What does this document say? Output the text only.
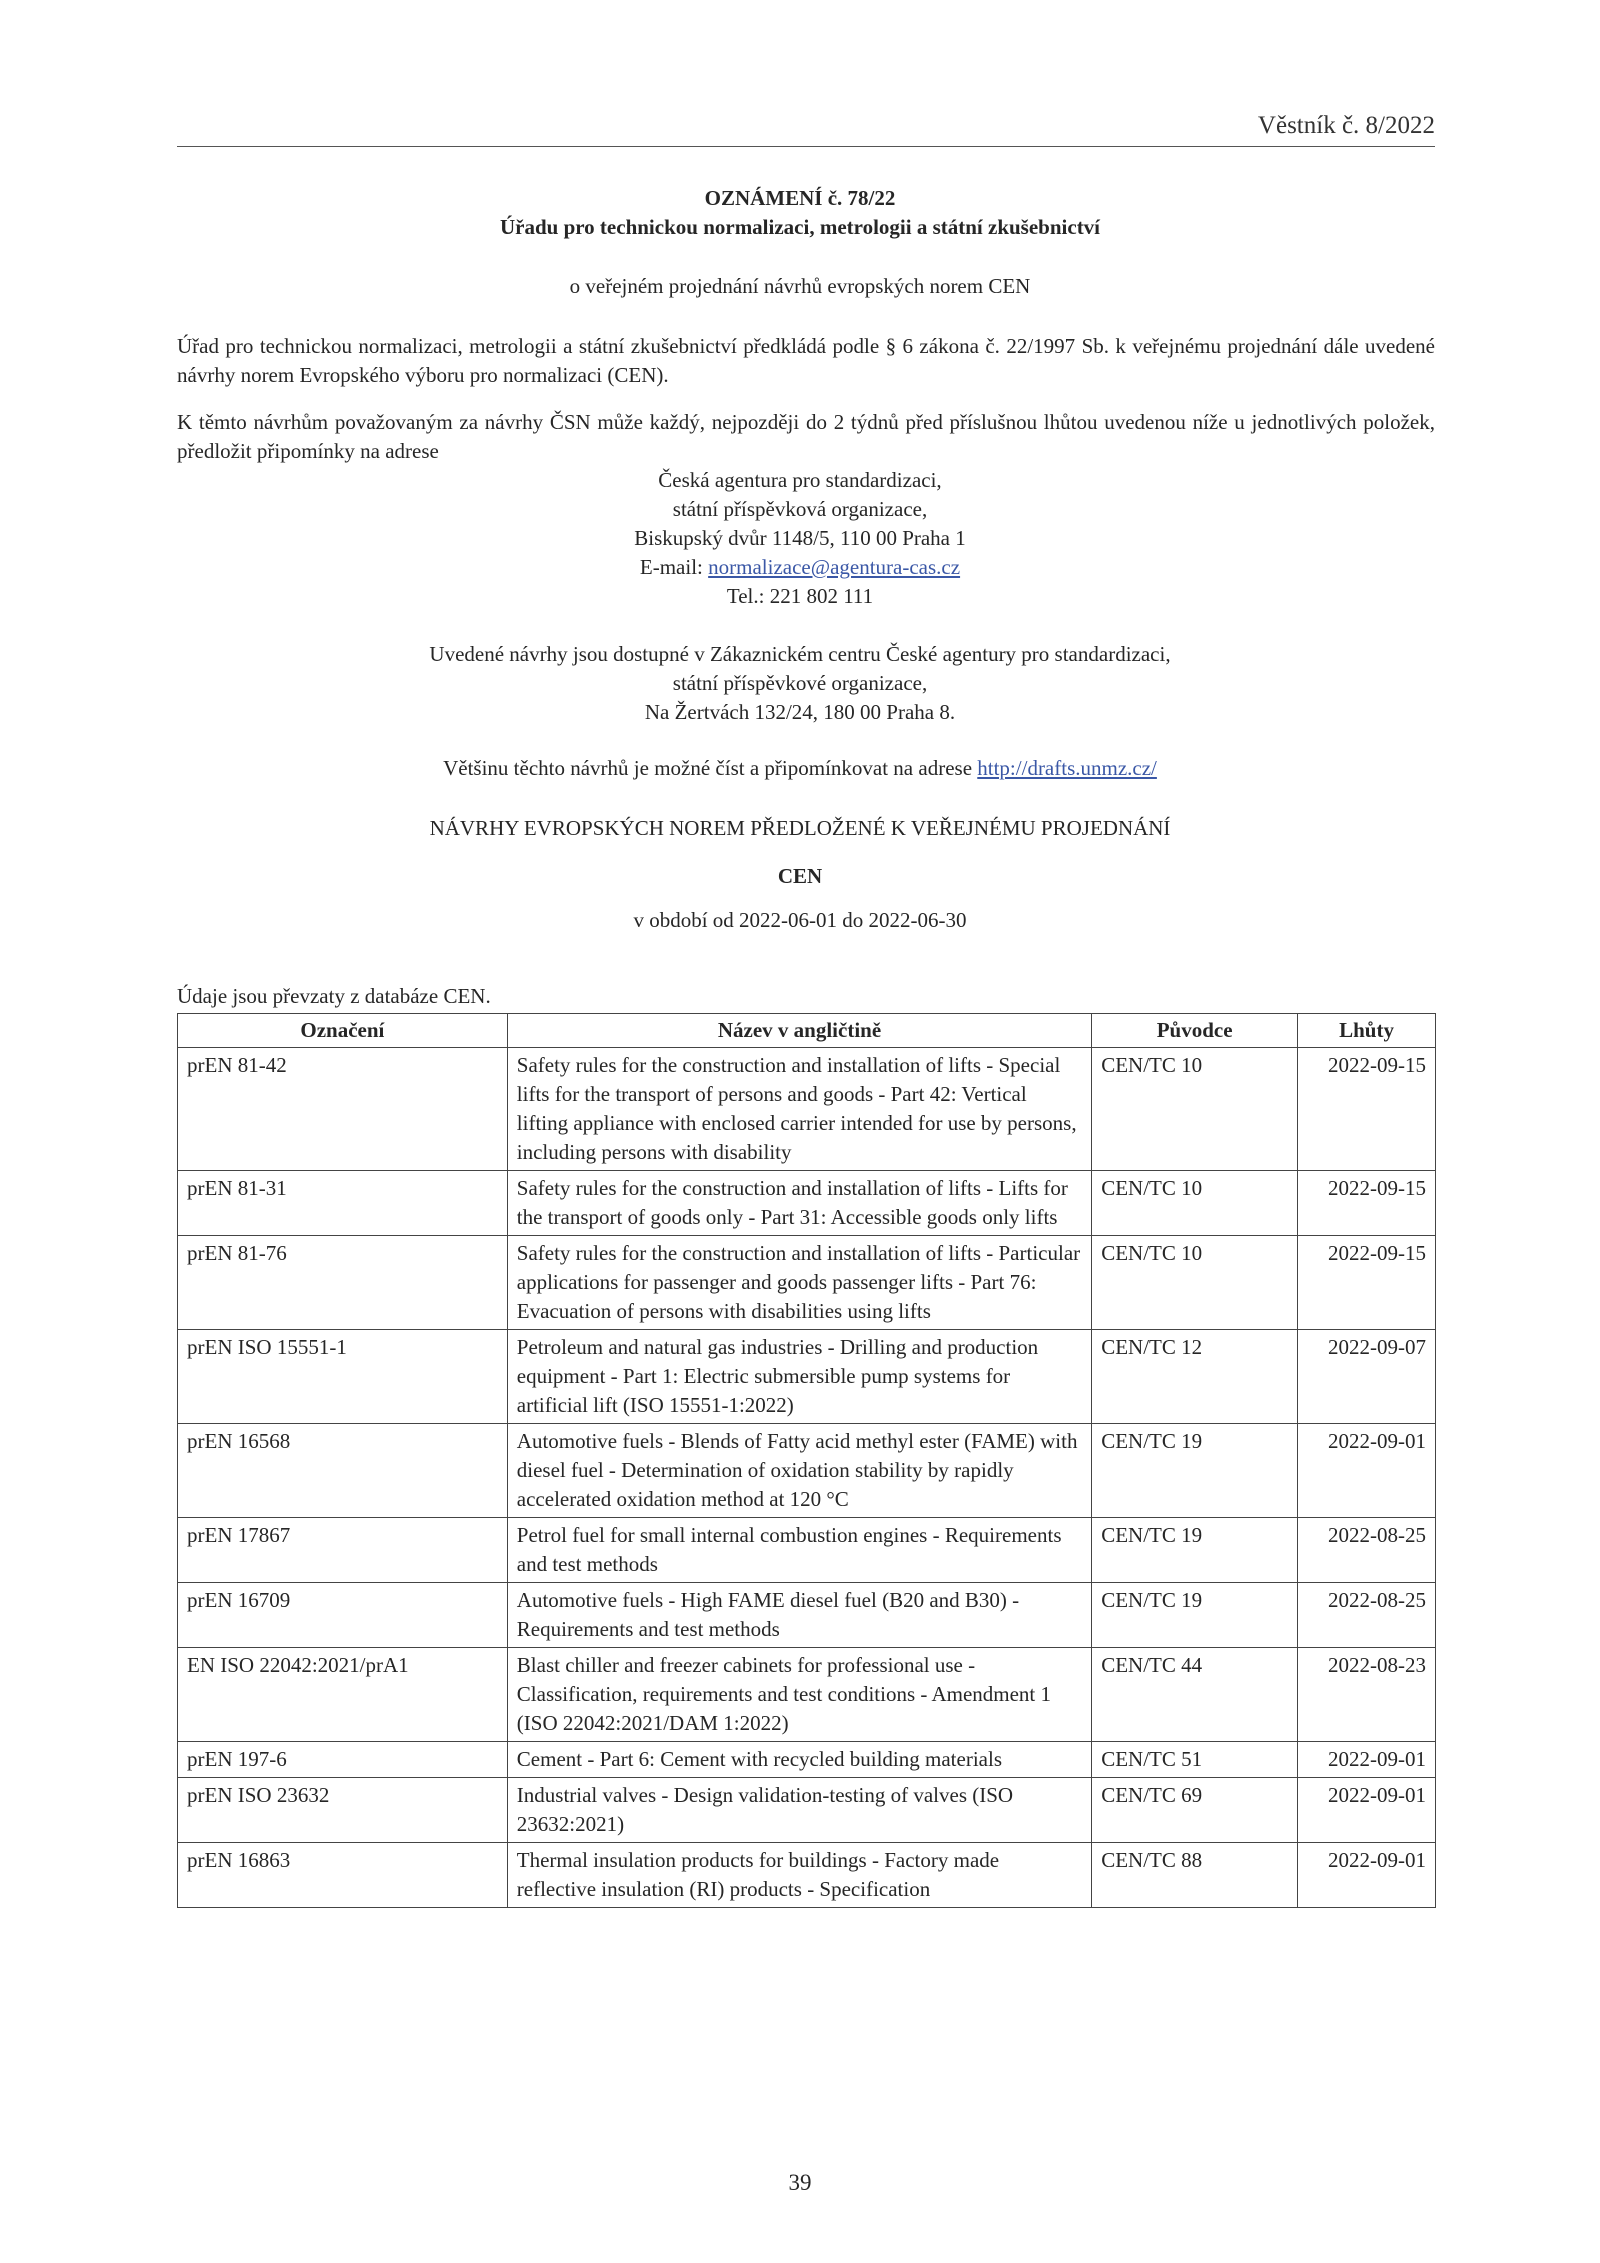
Věstník č. 8/2022
OZNÁMENÍ č. 78/22
Úřadu pro technickou normalizaci, metrologii a státní zkušebnictví
o veřejném projednání návrhů evropských norem CEN
Úřad pro technickou normalizaci, metrologii a státní zkušebnictví předkládá podle § 6 zákona č. 22/1997 Sb. k veřejnému projednání dále uvedené návrhy norem Evropského výboru pro normalizaci (CEN).
K těmto návrhům považovaným za návrhy ČSN může každý, nejpozději do 2 týdnů před příslušnou lhůtou uvedenou níže u jednotlivých položek, předložit připomínky na adrese
Česká agentura pro standardizaci,
státní příspěvková organizace,
Biskupský dvůr 1148/5, 110 00 Praha 1
E-mail: normalizace@agentura-cas.cz
Tel.: 221 802 111
Uvedené návrhy jsou dostupné v Zákaznickém centru České agentury pro standardizaci,
státní příspěvkové organizace,
Na Žertvách 132/24, 180 00 Praha 8.
Většinu těchto návrhů je možné číst a připomínkovat na adrese http://drafts.unmz.cz/
NÁVRHY EVROPSKÝCH NOREM PŘEDLOŽENÉ K VEŘEJNÉMU PROJEDNÁNÍ
CEN
v období od 2022-06-01 do 2022-06-30
Údaje jsou převzaty z databáze CEN.
Označení	Název v angličtině	Původce	Lhůty
prEN 81-42	Safety rules for the construction and installation of lifts - Special lifts for the transport of persons and goods - Part 42: Vertical lifting appliance with enclosed carrier intended for use by persons, including persons with disability	CEN/TC 10	2022-09-15
prEN 81-31	Safety rules for the construction and installation of lifts - Lifts for the transport of goods only - Part 31: Accessible goods only lifts	CEN/TC 10	2022-09-15
prEN 81-76	Safety rules for the construction and installation of lifts - Particular applications for passenger and goods passenger lifts - Part 76: Evacuation of persons with disabilities using lifts	CEN/TC 10	2022-09-15
prEN ISO 15551-1	Petroleum and natural gas industries - Drilling and production equipment - Part 1: Electric submersible pump systems for artificial lift (ISO 15551-1:2022)	CEN/TC 12	2022-09-07
prEN 16568	Automotive fuels - Blends of Fatty acid methyl ester (FAME) with diesel fuel - Determination of oxidation stability by rapidly accelerated oxidation method at 120 °C	CEN/TC 19	2022-09-01
prEN 17867	Petrol fuel for small internal combustion engines - Requirements and test methods	CEN/TC 19	2022-08-25
prEN 16709	Automotive fuels - High FAME diesel fuel (B20 and B30) - Requirements and test methods	CEN/TC 19	2022-08-25
EN ISO 22042:2021/prA1	Blast chiller and freezer cabinets for professional use - Classification, requirements and test conditions - Amendment 1 (ISO 22042:2021/DAM 1:2022)	CEN/TC 44	2022-08-23
prEN 197-6	Cement - Part 6: Cement with recycled building materials	CEN/TC 51	2022-09-01
prEN ISO 23632	Industrial valves - Design validation-testing of valves (ISO 23632:2021)	CEN/TC 69	2022-09-01
prEN 16863	Thermal insulation products for buildings - Factory made reflective insulation (RI) products - Specification	CEN/TC 88	2022-09-01
39
